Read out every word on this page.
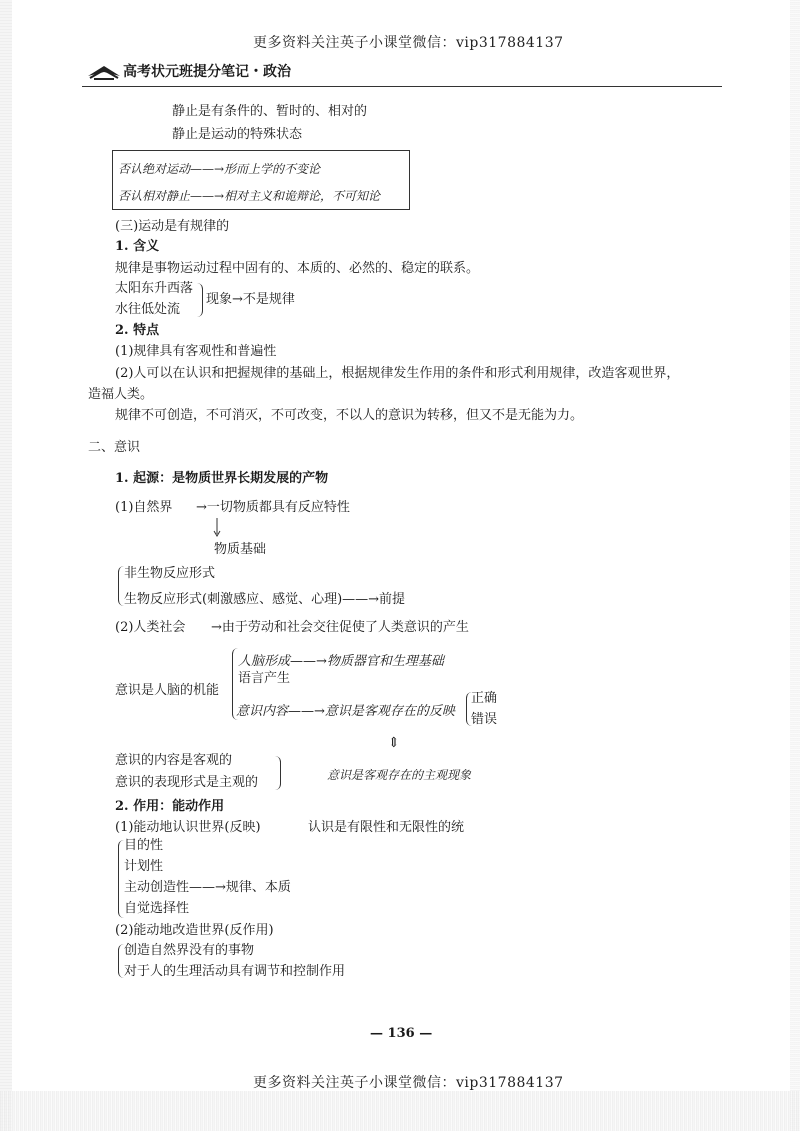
更多资料关注英子小课堂微信：vip317884137
高考状元班提分笔记・政治
静止是有条件的、暂时的、相对的
静止是运动的特殊状态
否认绝对运动——→形而上学的不变论
否认相对静止——→相对主义和诡辩论，不可知论
(三)运动是有规律的
1. 含义
规律是事物运动过程中固有的、本质的、必然的、稳定的联系。
太阳东升西落
水往低处流
现象→不是规律
2. 特点
(1)规律具有客观性和普遍性
(2)人可以在认识和把握规律的基础上，根据规律发生作用的条件和形式利用规律，改造客观世界，
造福人类。
规律不可创造，不可消灭，不可改变，不以人的意识为转移，但又不是无能为力。
二、意识
1. 起源：是物质世界长期发展的产物
(1)自然界 →一切物质都具有反应特性
物质基础
非生物反应形式
生物反应形式(刺激感应、感觉、心理)——→前提
(2)人类社会 →由于劳动和社会交往促使了人类意识的产生
人脑形成——→物质器官和生理基础
语言产生
意识是人脑的机能
意识内容——→意识是客观存在的反映
正确
错误
⇕
意识的内容是客观的
意识的表现形式是主观的	意识是客观存在的主观现象
2. 作用：能动作用
(1)能动地认识世界(反映)	认识是有限性和无限性的统
目的性
计划性
主动创造性——→规律、本质
自觉选择性
(2)能动地改造世界(反作用)
创造自然界没有的事物
对于人的生理活动具有调节和控制作用
— 136 —
更多资料关注英子小课堂微信：vip317884137
